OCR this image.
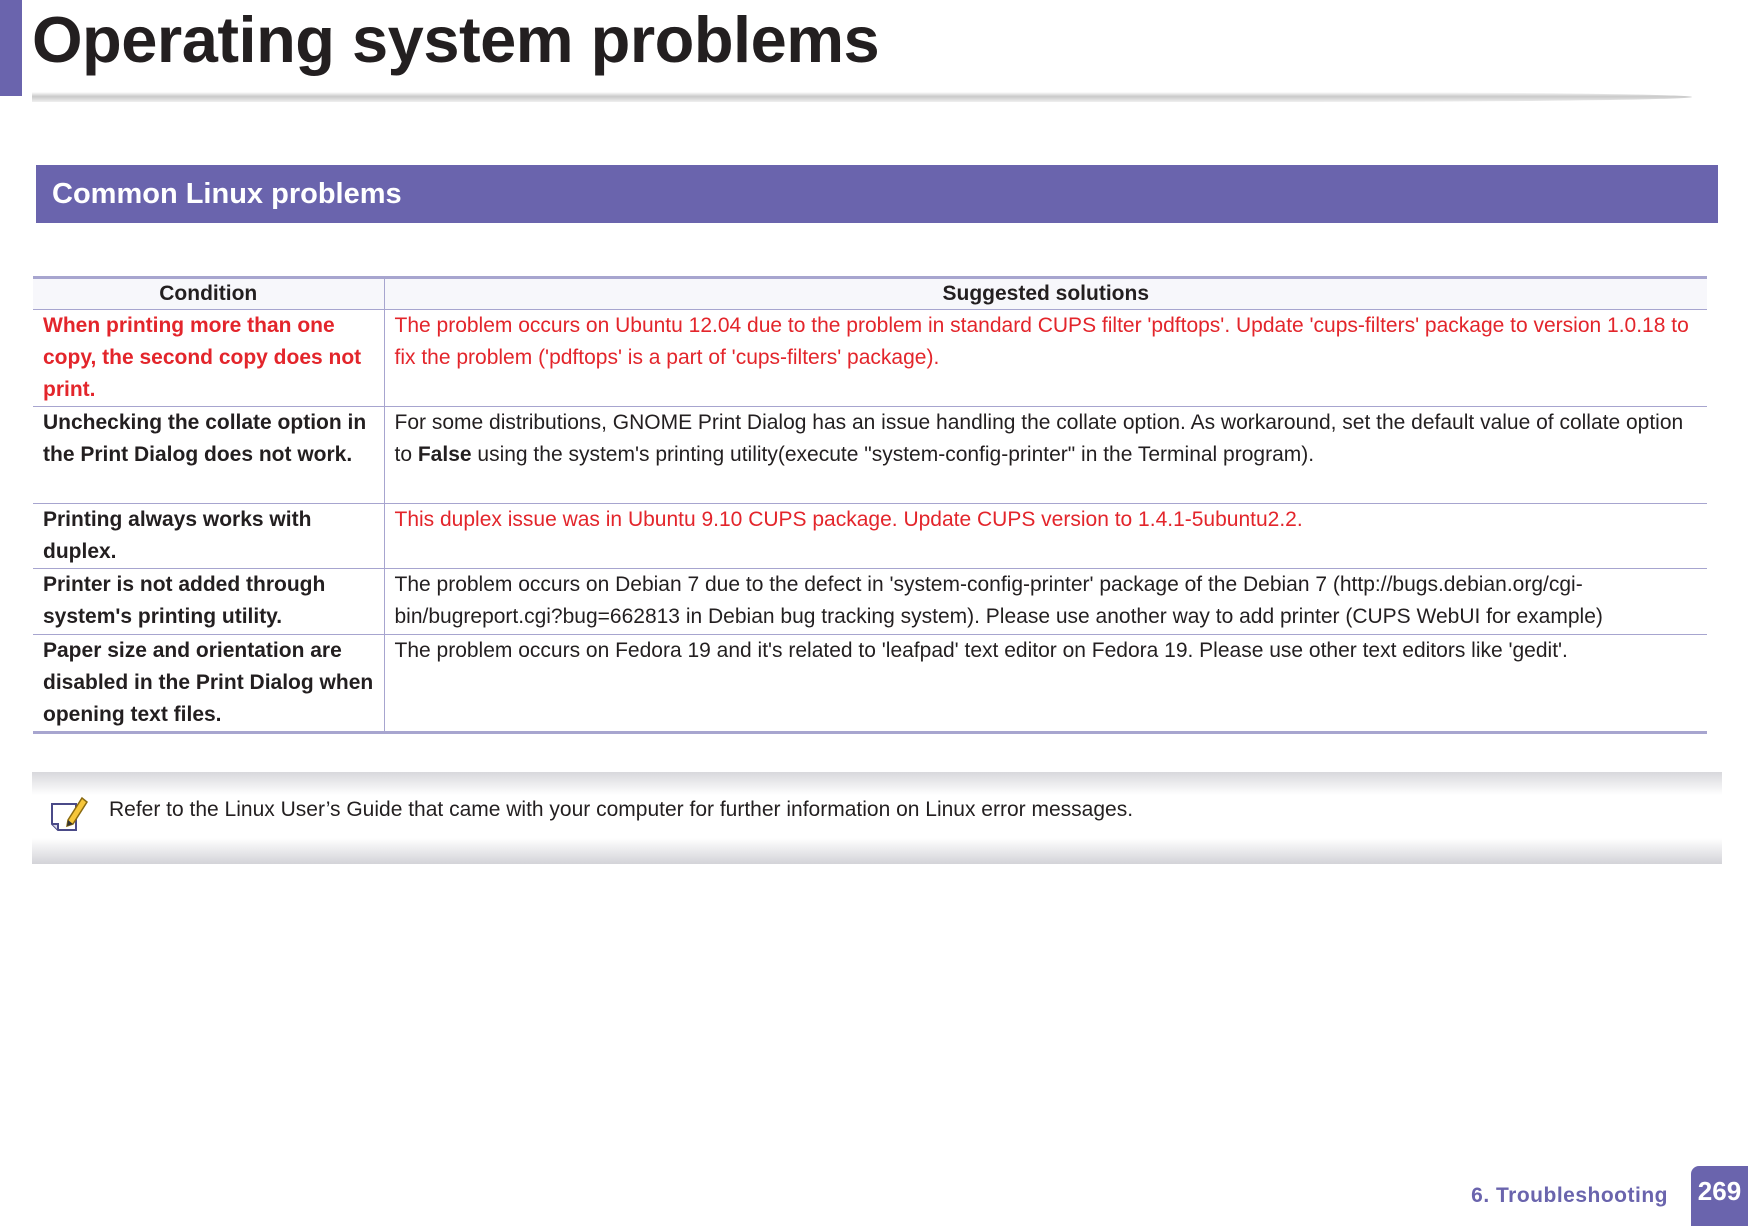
Operating system problems
Common Linux problems
Condition	Suggested solutions
When printing more than one copy, the second copy does not print.	The problem occurs on Ubuntu 12.04 due to the problem in standard CUPS filter 'pdftops'. Update 'cups-filters' package to version 1.0.18 to fix the problem ('pdftops' is a part of 'cups-filters' package).
Unchecking the collate option in the Print Dialog does not work.	For some distributions, GNOME Print Dialog has an issue handling the collate option. As workaround, set the default value of collate option to False using the system's printing utility(execute "system-config-printer" in the Terminal program).
Printing always works with duplex.	This duplex issue was in Ubuntu 9.10 CUPS package. Update CUPS version to 1.4.1-5ubuntu2.2.
Printer is not added through system's printing utility.	The problem occurs on Debian 7 due to the defect in 'system-config-printer' package of the Debian 7 (http://bugs.debian.org/cgi-bin/bugreport.cgi?bug=662813 in Debian bug tracking system). Please use another way to add printer (CUPS WebUI for example)
Paper size and orientation are disabled in the Print Dialog when opening text files.	The problem occurs on Fedora 19 and it's related to 'leafpad' text editor on Fedora 19. Please use other text editors like 'gedit'.
Refer to the Linux User’s Guide that came with your computer for further information on Linux error messages.
6. Troubleshooting 269
